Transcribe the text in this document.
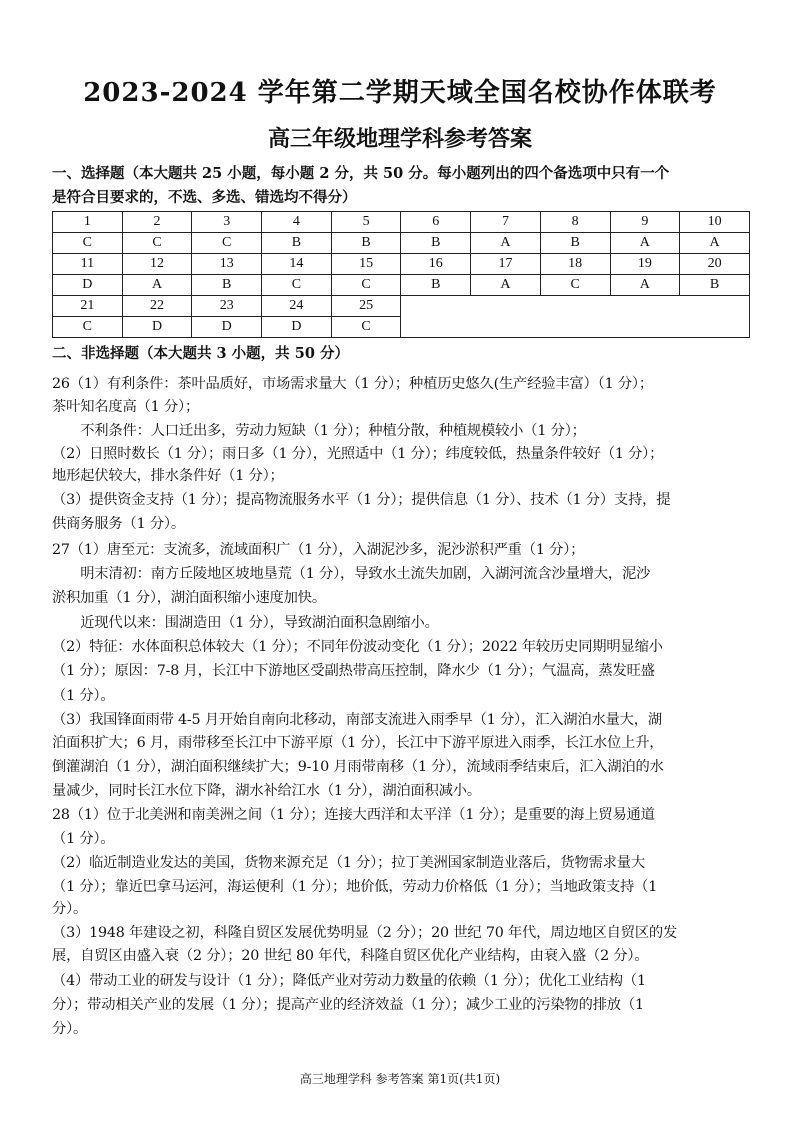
2023-2024 学年第二学期天域全国名校协作体联考
高三年级地理学科参考答案
一、选择题（本大题共 25 小题，每小题 2 分，共 50 分。每小题列出的四个备选项中只有一个
是符合目要求的，不选、多选、错选均不得分）
1	2	3	4	5	6	7	8	9	10
C	C	C	B	B	B	A	B	A	A
11	12	13	14	15	16	17	18	19	20
D	A	B	C	C	B	A	C	A	B
21	22	23	24	25					
C	D	D	D	C					
二、非选择题（本大题共 3 小题，共 50 分）
26（1）有利条件：茶叶品质好，市场需求量大（1 分）；种植历史悠久(生产经验丰富）（1 分）；
茶叶知名度高（1 分）；
　　不利条件：人口迁出多，劳动力短缺（1 分）；种植分散，种植规模较小（1 分）；
（2）日照时数长（1 分）；雨日多（1 分），光照适中（1 分）；纬度较低，热量条件较好（1 分）；
地形起伏较大，排水条件好（1 分）；
（3）提供资金支持（1 分）；提高物流服务水平（1 分）；提供信息（1 分）、技术（1 分）支持，提
供商务服务（1 分）。
27（1）唐至元：支流多，流域面积广（1 分），入湖泥沙多，泥沙淤积严重（1 分）；
　　明末清初：南方丘陵地区坡地垦荒（1 分），导致水土流失加剧，入湖河流含沙量增大，泥沙
淤积加重（1 分），湖泊面积缩小速度加快。
　　近现代以来：围湖造田（1 分），导致湖泊面积急剧缩小。
（2）特征：水体面积总体较大（1 分）；不同年份波动变化（1 分）；2022 年较历史同期明显缩小
（1 分）；原因：7-8 月，长江中下游地区受副热带高压控制，降水少（1 分）；气温高，蒸发旺盛
（1 分）。
（3）我国锋面雨带 4-5 月开始自南向北移动，南部支流进入雨季早（1 分），汇入湖泊水量大，湖
泊面积扩大；6 月，雨带移至长江中下游平原（1 分），长江中下游平原进入雨季，长江水位上升，
倒灌湖泊（1 分），湖泊面积继续扩大；9-10 月雨带南移（1 分），流域雨季结束后，汇入湖泊的水
量减少，同时长江水位下降，湖水补给江水（1 分），湖泊面积减小。
28（1）位于北美洲和南美洲之间（1 分）；连接大西洋和太平洋（1 分）；是重要的海上贸易通道
（1 分）。
（2）临近制造业发达的美国，货物来源充足（1 分）；拉丁美洲国家制造业落后，货物需求量大
（1 分）；靠近巴拿马运河，海运便利（1 分）；地价低，劳动力价格低（1 分）；当地政策支持（1
分）。
（3）1948 年建设之初，科隆自贸区发展优势明显（2 分）；20 世纪 70 年代，周边地区自贸区的发
展，自贸区由盛入衰（2 分）；20 世纪 80 年代，科隆自贸区优化产业结构，由衰入盛（2 分）。
（4）带动工业的研发与设计（1 分）；降低产业对劳动力数量的依赖（1 分）；优化工业结构（1
分）；带动相关产业的发展（1 分）；提高产业的经济效益（1 分）；减少工业的污染物的排放（1
分）。
高三地理学科 参考答案 第1页(共1页)
